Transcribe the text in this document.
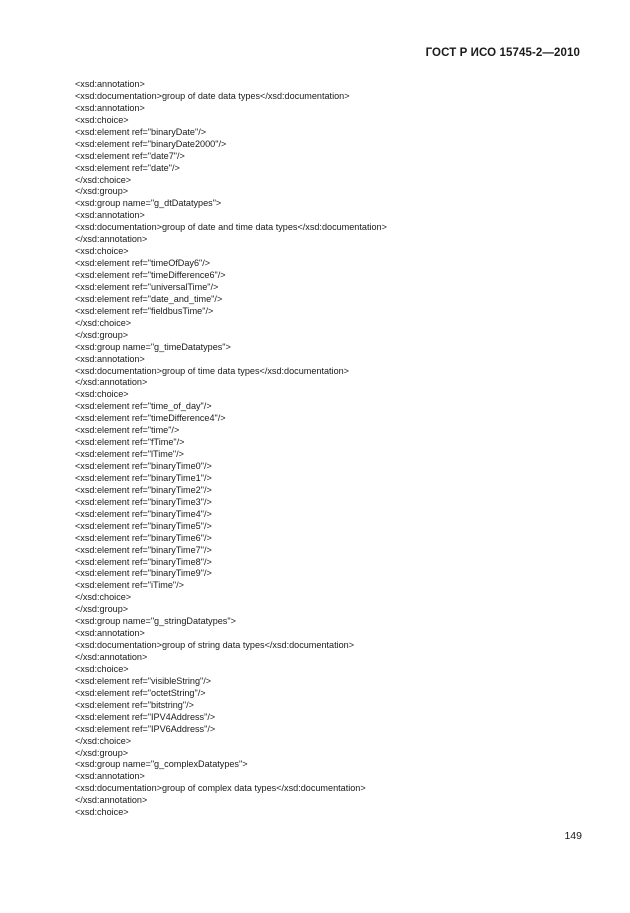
ГОСТ Р ИСО 15745-2—2010
<xsd:annotation>
<xsd:documentation>group of date data types</xsd:documentation>
<xsd:annotation>
<xsd:choice>
<xsd:element ref="binaryDate"/>
<xsd:element ref="binaryDate2000"/>
<xsd:element ref="date7"/>
<xsd:element ref="date"/>
</xsd:choice>
</xsd:group>
<xsd:group name="g_dtDatatypes">
<xsd:annotation>
<xsd:documentation>group of date and time data types</xsd:documentation>
</xsd:annotation>
<xsd:choice>
<xsd:element ref="timeOfDay6"/>
<xsd:element ref="timeDifference6"/>
<xsd:element ref="universalTime"/>
<xsd:element ref="date_and_time"/>
<xsd:element ref="fieldbusTime"/>
</xsd:choice>
</xsd:group>
<xsd:group name="g_timeDatatypes">
<xsd:annotation>
<xsd:documentation>group of time data types</xsd:documentation>
</xsd:annotation>
<xsd:choice>
<xsd:element ref="time_of_day"/>
<xsd:element ref="timeDifference4"/>
<xsd:element ref="time"/>
<xsd:element ref="fTime"/>
<xsd:element ref="lTime"/>
<xsd:element ref="binaryTime0"/>
<xsd:element ref="binaryTime1"/>
<xsd:element ref="binaryTime2"/>
<xsd:element ref="binaryTime3"/>
<xsd:element ref="binaryTime4"/>
<xsd:element ref="binaryTime5"/>
<xsd:element ref="binaryTime6"/>
<xsd:element ref="binaryTime7"/>
<xsd:element ref="binaryTime8"/>
<xsd:element ref="binaryTime9"/>
<xsd:element ref="iTime"/>
</xsd:choice>
</xsd:group>
<xsd:group name="g_stringDatatypes">
<xsd:annotation>
<xsd:documentation>group of string data types</xsd:documentation>
</xsd:annotation>
<xsd:choice>
<xsd:element ref="visibleString"/>
<xsd:element ref="octetString"/>
<xsd:element ref="bitstring"/>
<xsd:element ref="IPV4Address"/>
<xsd:element ref="IPV6Address"/>
</xsd:choice>
</xsd:group>
<xsd:group name="g_complexDatatypes">
<xsd:annotation>
<xsd:documentation>group of complex data types</xsd:documentation>
</xsd:annotation>
<xsd:choice>
149
